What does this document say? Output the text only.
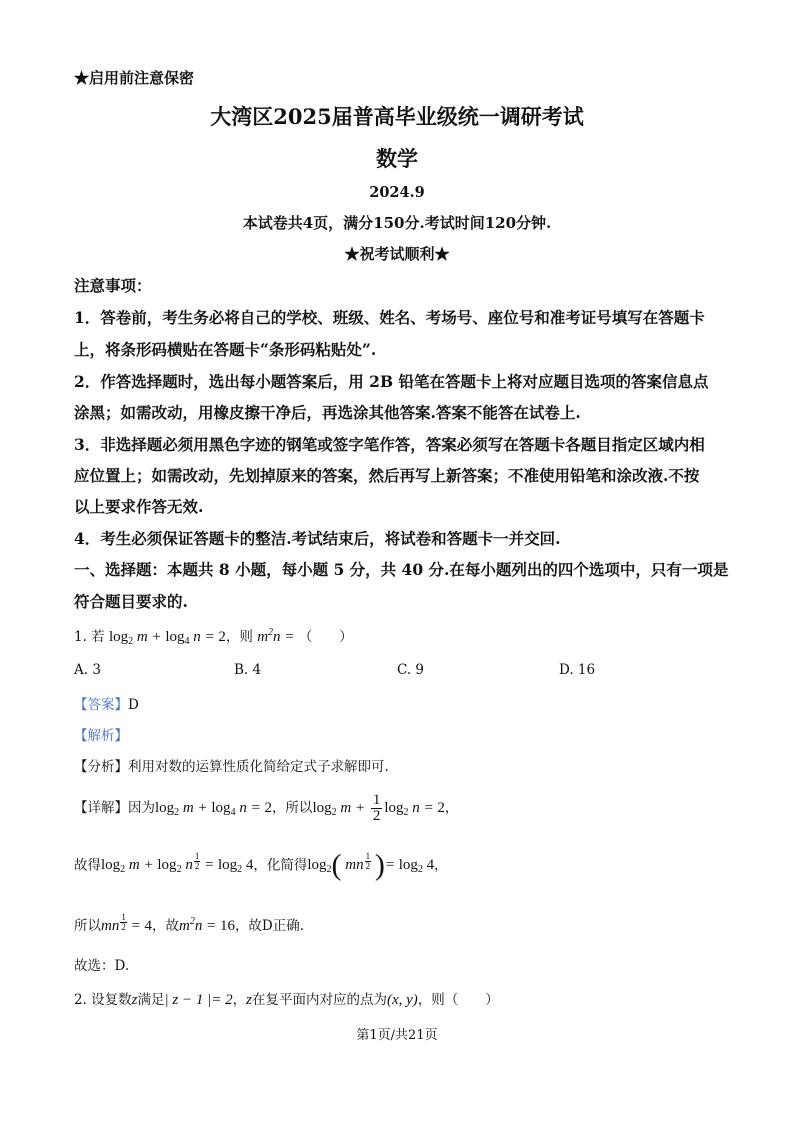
★启用前注意保密
大湾区2025届普高毕业级统一调研考试
数学
2024.9
本试卷共4页，满分150分.考试时间120分钟.
★祝考试顺利★
注意事项：
1．答卷前，考生务必将自己的学校、班级、姓名、考场号、座位号和准考证号填写在答题卡
上，将条形码横贴在答题卡“条形码粘贴处”.
2．作答选择题时，选出每小题答案后，用 2B 铅笔在答题卡上将对应题目选项的答案信息点
涂黑；如需改动，用橡皮擦干净后，再选涂其他答案.答案不能答在试卷上.
3．非选择题必须用黑色字迹的钢笔或签字笔作答，答案必须写在答题卡各题目指定区域内相
应位置上；如需改动，先划掉原来的答案，然后再写上新答案；不准使用铅笔和涂改液.不按
以上要求作答无效.
4．考生必须保证答题卡的整洁.考试结束后，将试卷和答题卡一并交回.
一、选择题：本题共 8 小题，每小题 5 分，共 40 分.在每小题列出的四个选项中，只有一项是
符合题目要求的.
1. 若 $\log_2 m + \log_4 n = 2$，则 $m^2n$ = （　　）
A. 3	B. 4	C. 9	D. 16
【答案】D
【解析】
【分析】利用对数的运算性质化简给定式子求解即可.
【详解】因为$\log_2 m + \log_4 n = 2$，所以$\log_2 m + \frac{1}{2} \log_2 n = 2$，
故得$\log_2 m + \log_2 n \frac{1}{2} = \log_2 4$，化简得$\log_2$( mn $\frac{1}{2}$ )= $\log_2 4$，
所以mn $\frac{1}{2} = 4$，故$m^2n = 16$，故D正确.
故选：D.
2. 设复数z满足| z − 1 |= 2，z在复平面内对应的点为(x, y)，则（　　）
第1页/共21页
